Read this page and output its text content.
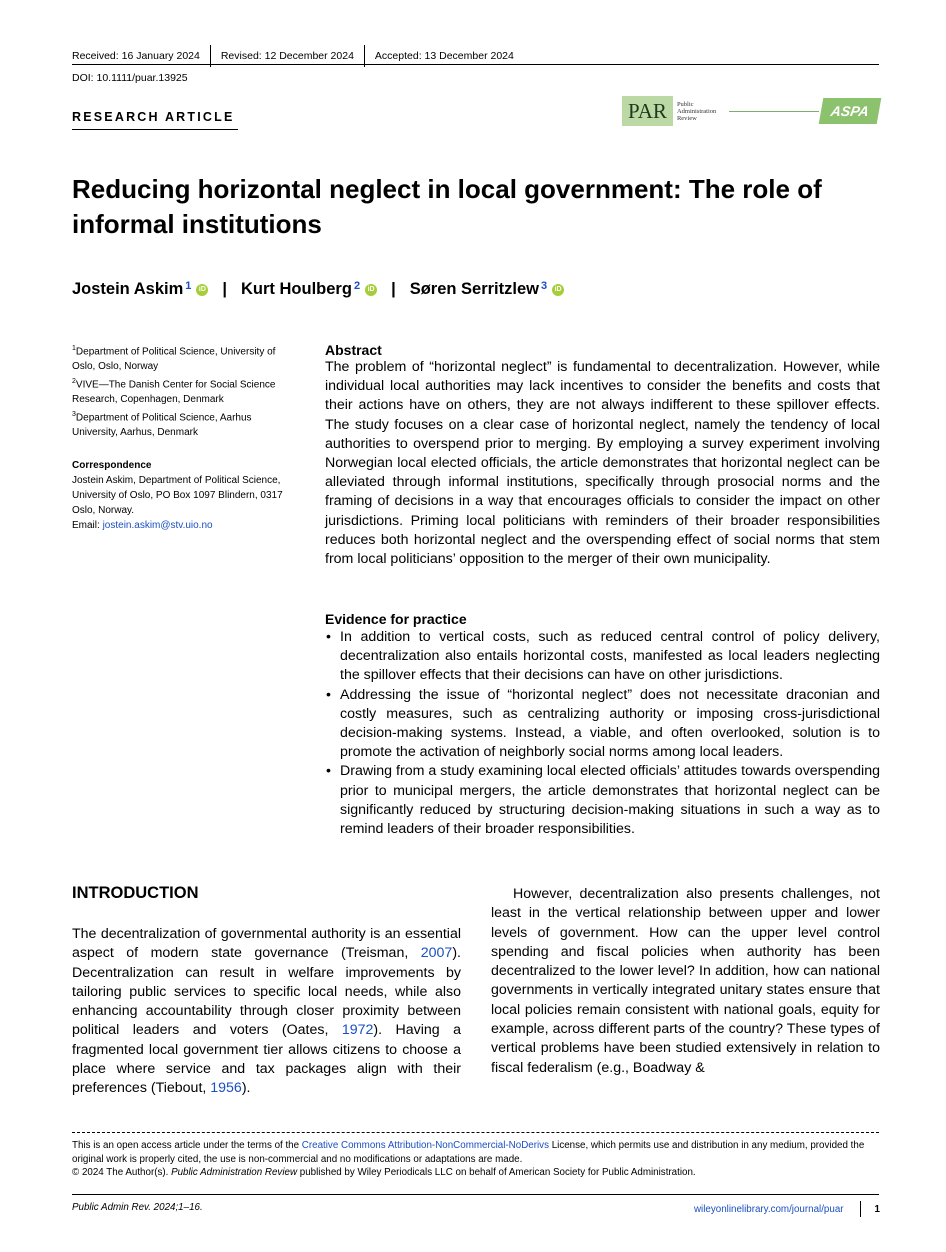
Received: 16 January 2024	Revised: 12 December 2024	Accepted: 13 December 2024
DOI: 10.1111/puar.13925
RESEARCH ARTICLE	PAR	Public
Administration
Review	ASPA
Reducing horizontal neglect in local government: The role of informal institutions
Jostein Askim$^1$	iD | Kurt Houlberg$^2$	iD | Søren Serritzlew$^3$	iD
$^1$Department of Political Science, University of Oslo, Oslo, Norway
$^2$VIVE—The Danish Center for Social Science Research, Copenhagen, Denmark
$^3$Department of Political Science, Aarhus University, Aarhus, Denmark
Correspondence
Jostein Askim, Department of Political Science, University of Oslo, PO Box 1097 Blindern, 0317 Oslo, Norway.
Email: jostein.askim@stv.uio.no
Abstract

The problem of “horizontal neglect” is fundamental to decentralization. However, while individual local authorities may lack incentives to consider the benefits and costs that their actions have on others, they are not always indifferent to these spillover effects. The study focuses on a clear case of horizontal neglect, namely the tendency of local authorities to overspend prior to merging. By employing a survey experiment involving Norwegian local elected officials, the article demonstrates that horizontal neglect can be alleviated through informal institutions, specifically through prosocial norms and the framing of decisions in a way that encourages officials to consider the impact on other jurisdictions. Priming local politicians with reminders of their broader responsibilities reduces both horizontal neglect and the overspending effect of social norms that stem from local politicians’ opposition to the merger of their own municipality.

Evidence for practice
• In addition to vertical costs, such as reduced central control of policy delivery, decentralization also entails horizontal costs, manifested as local leaders neglecting the spillover effects that their decisions can have on other jurisdictions.
• Addressing the issue of “horizontal neglect” does not necessitate draconian and costly measures, such as centralizing authority or imposing cross-jurisdictional decision-making systems. Instead, a viable, and often overlooked, solution is to promote the activation of neighborly social norms among local leaders.
• Drawing from a study examining local elected officials’ attitudes towards overspending prior to municipal mergers, the article demonstrates that horizontal neglect can be significantly reduced by structuring decision-making situations in such a way as to remind leaders of their broader responsibilities.
INTRODUCTION

The decentralization of governmental authority is an essential aspect of modern state governance (Treisman, 2007). Decentralization can result in welfare improvements by tailoring public services to specific local needs, while also enhancing accountability through closer proximity between political leaders and voters (Oates, 1972). Having a fragmented local government tier allows citizens to choose a place where service and tax packages align with their preferences (Tiebout, 1956).

However, decentralization also presents challenges, not least in the vertical relationship between upper and lower levels of government. How can the upper level control spending and fiscal policies when authority has been decentralized to the lower level? In addition, how can national governments in vertically integrated unitary states ensure that local policies remain consistent with national goals, equity for example, across different parts of the country? These types of vertical problems have been studied extensively in relation to fiscal federalism (e.g., Boadway &

This is an open access article under the terms of the Creative Commons Attribution-NonCommercial-NoDerivs License, which permits use and distribution in any medium, provided the original work is properly cited, the use is non-commercial and no modifications or adaptations are made.
© 2024 The Author(s). Public Administration Review published by Wiley Periodicals LLC on behalf of American Society for Public Administration.
Public Admin Rev. 2024;1–16.	wileyonlinelibrary.com/journal/puar	1
